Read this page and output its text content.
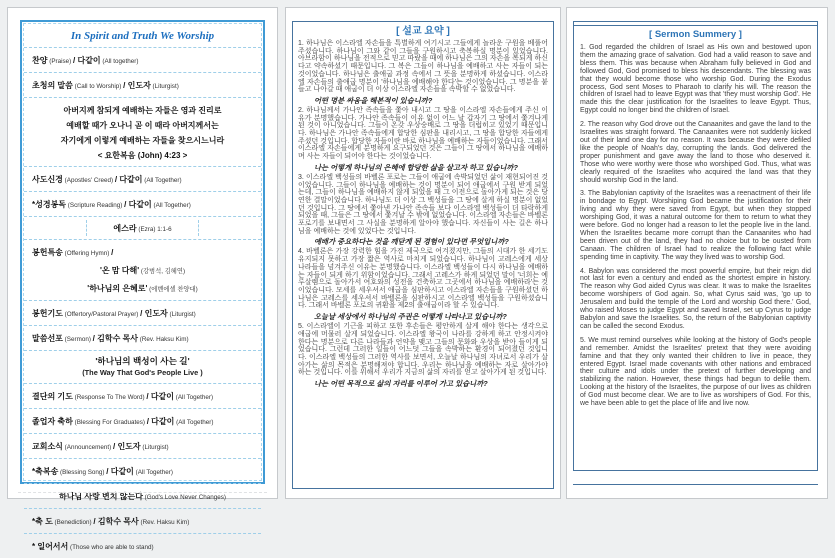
In Spirit and Truth We Worship
찬양 (Praise) / 다같이 (All together)
초청의 말씀 (Call to Worship) / 인도자 (Liturgist)
아버지께 참되게 예배하는 자들은 영과 진리로
예배할 때가 오나니 곧 이 때라 아버지께서는
자기에게 이렇게 예배하는 자들을 찾으시느니라
< 요한복음 (John) 4:23 >
사도신경 (Apostles' Creed) / 다같이 (All Together)
*성경봉독 (Scripture Reading) / 다같이 (All Together)
에스라 (Ezra) 1:1-6
봉헌특송 (Offering Hymn) /
'온 맘 다해' (강범석, 김혜연)
'하나님의 은혜로' (에벤에셀 찬양대)
봉헌기도 (Offertory/Pastoral Prayer) / 인도자 (Liturgist)
말씀선포 (Sermon) / 김학수 목사 (Rev. Haksu Kim)
'하나님의 백성이 사는 길'
(The Way That God's People Live )
결단의 기도 (Response To The Word) / 다같이 (All Together)
졸업자 축하 (Blessing For Graduates) / 다같이 (All Together)
교회소식 (Announcement) / 인도자 (Liturgist)
*축복송 (Blessing Song) / 다같이 (All Together)
하나님 사랑 변치 않는다 (God's Love Never Changes)
*축 도 (Benediction) / 김학수 목사 (Rev. Haksu Kim)
* 일어서서 (Those who are able to stand)
[ 설교 요약 ]
1. 하나님은 이스라엘 자손들을 특별하게 여기시고 그들에게 놀라운 구원을 베풀어 주셨습니다. 하나님이 그와 같이 그들을 구원하시고 축복하실 명분이 있었습니다. 아브라함이 하나님을 전적으로 믿고 따랐을 때에 하나님은 그의 자손을 복되게 하신다고 약속하셨기 때문입니다. 그 복은 그들이 하나님을 예배하고 사는 자들이 되는 것이었습니다. 하나님은 출애굽 과정 속에서 그 뜻을 분명하게 하셨습니다. 이스라엘 자손들의 출애굽 명분이 '하나님을 예배해야 한다'는 것이었습니다. 그 명분을 붙들고 나아갈 때 애굽이 더 이상 이스라엘 자손들을 속박할 수 없었습니다.
어떤 명분 싸움을 해본적이 있습니까?
2. 하나님께서 가나안 족속들을 쫓아 내시고 그 땅을 이스라엘 자손들에게 주신 이유가 분명했습니다. 가나안 족속들이 이유 없이 어느 날 갑자기 그 땅에서 쫓겨나게 된 것이 아니었습니다. 그들이 온갖 우상숭배로 그 땅을 더럽히고 있었기 때문입니다. 하나님은 가나안 족속들에게 합당한 심판을 내리시고, 그 땅을 합당한 자들에게 주셨던 것입니다. 합당한 자들이란 바로 하나님을 예배하는 자들이었습니다. 그래서 이스라엘 자손들에게 분명하게 요구되었던 것은 그들이 그 땅에서 하나님을 예배하며 사는 자들이 되어야 한다는 것이었습니다.
나는 어떻게 하나님의 은혜에 합당한 삶을 살고자 하고 있습니까?
3. 이스라엘 백성들의 바벨론 포로는 그들이 애굽에 속박되었던 삶이 재현되어진 것이었습니다. 그들이 하나님을 예배하는 것이 명분이 되어 애굽에서 구원 받게 되었는데, 그들이 하나님을 예배하지 않게 되었을 때 그 이전으로 돌아가게 되는 것은 당연한 결말이었습니다. 하나님도 더 이상 그 백성들을 그 땅에 살게 하실 명분이 없었던 것입니다. 그 땅에서 쫓아낸 가나안 족속들 보다 이스라엘 백성들이 더 타락하게 되었을 때, 그들은 그 땅에서 쫓겨날 수 밖에 없었습니다. 이스라엘 자손들은 바벨론 포로기를 보내면서 그 사실을 분명하게 알아야 했습니다. 자신들이 사는 길은 하나님을 예배하는 것에 있었다는 것입니다.
예배가 중요하다는 것을 깨닫게 된 경험이 있다면 무엇입니까?
4. 바벨론은 가장 강력한 힘을 가진 제국으로 여겨졌지만, 그들의 시대가 한 세기도 유지되지 못하고 가장 짧은 역사로 마치게 되었습니다. 하나님이 고레스에게 세상 나라들을 넘겨주신 이유는 분명했습니다. 이스라엘 백성들이 다시 하나님을 예배하는 자들이 되게 하기 위함이었습니다. 그래서 고레스가 하게 되었던 말이 '너희는 예루살렘으로 돌아가서 여호와의 성전을 건축하고 그곳에서 하나님을 예배하라'는 것이었습니다. 모세를 세우셔서 애굽을 심판하시고 이스라엘 자손들을 구원하셨던 하나님은 고레스를 세우셔서 바벨론을 심판하시고 이스라엘 백성들을 구원하셨습니다. 그래서 바벨론 포로의 귀환을 제2의 출애굽이라 할 수 있습니다.
오늘날 세상에서 하나님의 주권은 어떻게 나타나고 있습니까?
5. 이스라엘이 기근을 피하고 또한 후손들은 평안하게 살게 해야 한다는 생각으로 애굽에 머물러 살게 되었습니다. 이스라엘 왕국이 나라를 강하게 하고 안정시켜야 한다는 명분으로 다른 나라들과 언약을 맺고 그들의 문화와 우상을 받아 들이게 되었습니다. 그런데 그러한 일들이 어느덧 그들을 속박하는 환경이 되어졌던 것입니다. 이스라엘 백성들의 그러한 역사를 보면서, 오늘날 하나님의 자녀로서 우리가 살아가는 삶의 목적은 분명해져야 합니다. 우리는 하나님을 예배하는 자로 살아가야 하는 것입니다. 이를 위해서 우리가 지금의 삶의 자리를 얻고 살아가게 된 것입니다.
나는 어떤 목적으로 삶의 자리를 이루어 가고 있습니까?
[ Sermon Summery ]
1. God regarded the children of Israel as His own and bestowed upon them the amazing grace of salvation. God had a valid reason to save and bless them. This was because when Abraham fully believed in God and followed God, God promised to bless his descendants. The blessing was that they would become those who worship God. During the Exodus process, God sent Moses to Pharaoh to clarify his will. The reason the children of Israel had to leave Egypt was that 'they must worship God'. He made this the clear justification for the Israelites to leave Egypt. Thus, Egypt could no longer bind the children of Israel.
2. The reason why God drove out the Canaanites and gave the land to the Israelites was straight forward. The Canaanites were not suddenly kicked out of their land one day for no reason. It was because they were defiled like the people of Noah's day, corrupting the lands. God delivered the proper punishment and gave away the land to those who deserved it. Those who were worthy were those who worshiped God. Thus, what was clearly required of the Israelites who acquired the land was that they should worship God in the land.
3. The Babylonian captivity of the Israelites was a reenactment of their life in bondage to Egypt. Worshiping God became the justification for their living and why they were saved from Egypt, but when they stopped worshiping God, it was a natural outcome for them to return to what they were before. God no longer had a reason to let the people live in the land. When the Israelites became more corrupt than the Canaanites who had been driven out of the land, they had no choice but to be ousted from Canaan. The children of Israel had to realize the following fact while spending time in captivity. The way they lived was to worship God.
4. Babylon was considered the most powerful empire, but their reign did not last for even a century and ended as the shortest empire in history. The reason why God aided Cyrus was clear. It was to make the Israelites become worshipers of God again. So, what Cyrus said was, 'go up to Jerusalem and build the temple of the Lord and worship God there.' God, who raised Moses to judge Egypt and saved Israel, set up Cyrus to judge Babylon and save the Israelites. So, the return of the Babylonian captivity can be called the second Exodus.
5. We must remind ourselves while looking at the history of God's people and remember. Amidst the Israelites' pretext that they were avoiding famine and that they only wanted their children to live in peace, they entered Egypt. Israel made covenants with other nations and embraced their culture and idols under the pretext of further developing and stabilizing the nation. However, these things had begun to defile them. Looking at the history of the Israelites, the purpose of our lives as children of God must become clear. We are to live as worshipers of God. For this, we have been able to get the place of life and live now.
